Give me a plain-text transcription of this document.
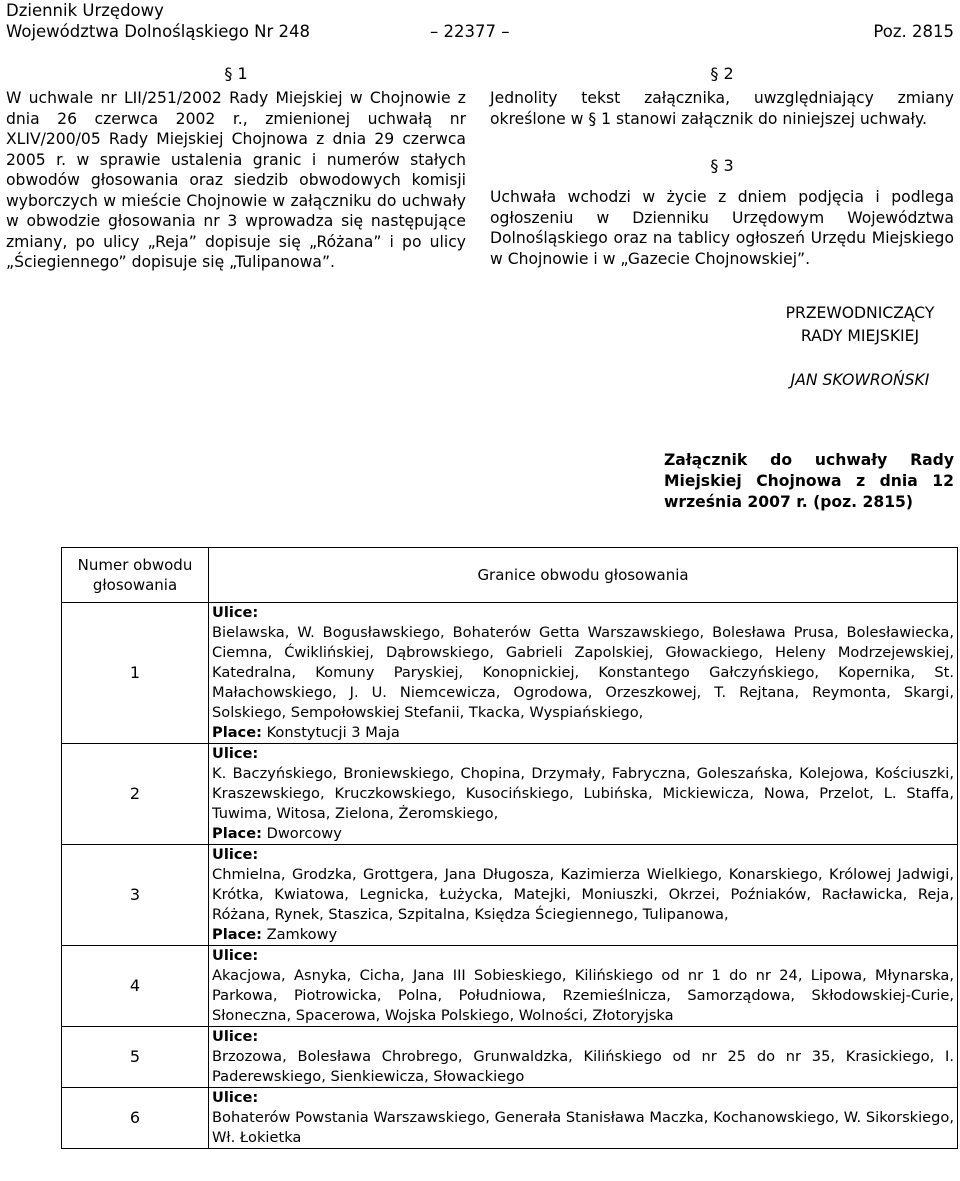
Dziennik Urzędowy
Województwa Dolnośląskiego Nr 248	– 22377 –	Poz. 2815
§ 1
W uchwale nr LII/251/2002 Rady Miejskiej w Chojnowie z dnia 26 czerwca 2002 r., zmienionej uchwałą nr XLIV/200/05 Rady Miejskiej Chojnowa z dnia 29 czerwca 2005 r. w sprawie ustalenia granic i numerów stałych obwodów głosowania oraz siedzib obwodowych komisji wyborczych w mieście Chojnowie w załączniku do uchwały w obwodzie głosowania nr 3 wprowadza się następujące zmiany, po ulicy „Reja” dopisuje się „Różana” i po ulicy „Ściegiennego” dopisuje się „Tulipanowa”.
§ 2
Jednolity tekst załącznika, uwzględniający zmiany określone w § 1 stanowi załącznik do niniejszej uchwały.
§ 3
Uchwała wchodzi w życie z dniem podjęcia i podlega ogłoszeniu w Dzienniku Urzędowym Województwa Dolnośląskiego oraz na tablicy ogłoszeń Urzędu Miejskiego w Chojnowie i w „Gazecie Chojnowskiej”.
PRZEWODNICZĄCY
RADY MIEJSKIEJ
JAN SKOWROŃSKI
Załącznik do uchwały Rady Miejskiej Chojnowa z dnia 12 września 2007 r. (poz. 2815)
Numer obwodu głosowania	Granice obwodu głosowania
1	Ulice:
Bielawska, W. Bogusławskiego, Bohaterów Getta Warszawskiego, Bolesława Prusa, Bolesławiecka, Ciemna, Ćwiklińskiej, Dąbrowskiego, Gabrieli Zapolskiej, Głowackiego, Heleny Modrzejewskiej, Katedralna, Komuny Paryskiej, Konopnickiej, Konstantego Gałczyńskiego, Kopernika, St. Małachowskiego, J. U. Niemcewicza, Ogrodowa, Orzeszkowej, T. Rejtana, Reymonta, Skargi, Solskiego, Sempołowskiej Stefanii, Tkacka, Wyspiańskiego,
Place: Konstytucji 3 Maja

2	Ulice:
K. Baczyńskiego, Broniewskiego, Chopina, Drzymały, Fabryczna, Goleszańska, Kolejowa, Kościuszki, Kraszewskiego, Kruczkowskiego, Kusocińskiego, Lubińska, Mickiewicza, Nowa, Przelot, L. Staffa, Tuwima, Witosa, Zielona, Żeromskiego,
Place: Dworcowy

3	Ulice:
Chmielna, Grodzka, Grottgera, Jana Długosza, Kazimierza Wielkiego, Konarskiego, Królowej Jadwigi, Krótka, Kwiatowa, Legnicka, Łużycka, Matejki, Moniuszki, Okrzei, Poźniaków, Racławicka, Reja, Różana, Rynek, Staszica, Szpitalna, Księdza Ściegiennego, Tulipanowa,
Place: Zamkowy

4	Ulice:
Akacjowa, Asnyka, Cicha, Jana III Sobieskiego, Kilińskiego od nr 1 do nr 24, Lipowa, Młynarska, Parkowa, Piotrowicka, Polna, Południowa, Rzemieślnicza, Samorządowa, Skłodowskiej-Curie, Słoneczna, Spacerowa, Wojska Polskiego, Wolności, Złotoryjska

5	Ulice:
Brzozowa, Bolesława Chrobrego, Grunwaldzka, Kilińskiego od nr 25 do nr 35, Krasickiego, I. Paderewskiego, Sienkiewicza, Słowackiego

6	Ulice:
Bohaterów Powstania Warszawskiego, Generała Stanisława Maczka, Kochanowskiego, W. Sikorskiego, Wł. Łokietka
